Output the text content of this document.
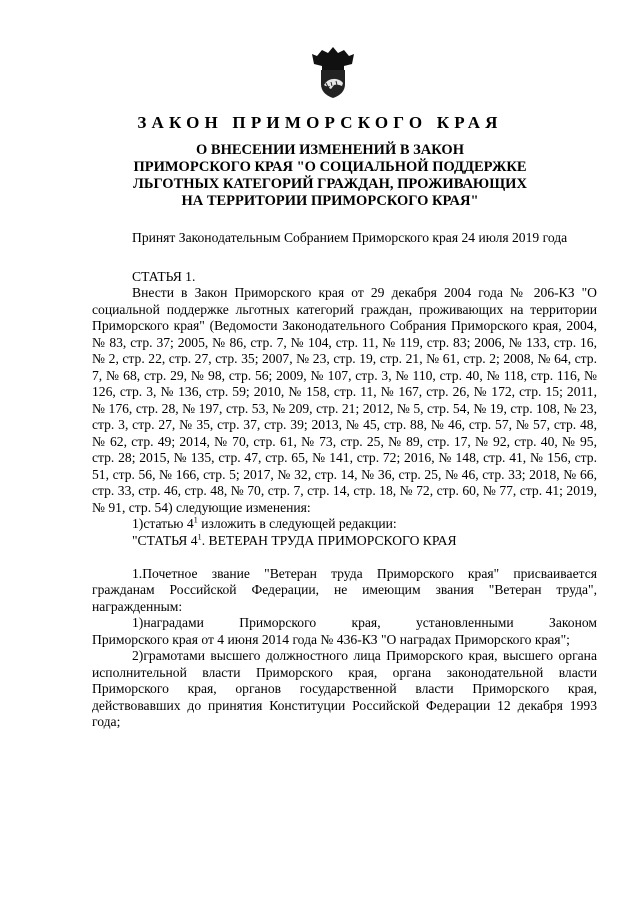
ЗАКОН ПРИМОРСКОГО КРАЯ
О ВНЕСЕНИИ ИЗМЕНЕНИЙ В ЗАКОН
ПРИМОРСКОГО КРАЯ "О СОЦИАЛЬНОЙ ПОДДЕРЖКЕ
ЛЬГОТНЫХ КАТЕГОРИЙ ГРАЖДАН, ПРОЖИВАЮЩИХ
НА ТЕРРИТОРИИ ПРИМОРСКОГО КРАЯ"

Принят Законодательным Собранием Приморского края 24 июля 2019 года

СТАТЬЯ 1.

Внести в Закон Приморского края от 29 декабря 2004 года № 206-КЗ "О социальной поддержке льготных категорий граждан, проживающих на территории Приморского края" (Ведомости Законодательного Собрания Приморского края, 2004, № 83, стр. 37; 2005, № 86, стр. 7, № 104, стр. 11, № 119, стр. 83; 2006, № 133, стр. 16, № 2, стр. 22, стр. 27, стр. 35; 2007, № 23, стр. 19, стр. 21, № 61, стр. 2; 2008, № 64, стр. 7, № 68, стр. 29, № 98, стр. 56; 2009, № 107, стр. 3, № 110, стр. 40, № 118, стр. 116, № 126, стр. 3, № 136, стр. 59; 2010, № 158, стр. 11, № 167, стр. 26, № 172, стр. 15; 2011, № 176, стр. 28, № 197, стр. 53, № 209, стр. 21; 2012, № 5, стр. 54, № 19, стр. 108, № 23, стр. 3, стр. 27, № 35, стр. 37, стр. 39; 2013, № 45, стр. 88, № 46, стр. 57, № 57, стр. 48, № 62, стр. 49; 2014, № 70, стр. 61, № 73, стр. 25, № 89, стр. 17, № 92, стр. 40, № 95, стр. 28; 2015, № 135, стр. 47, стр. 65, № 141, стр. 72; 2016, № 148, стр. 41, № 156, стр. 51, стр. 56, № 166, стр. 5; 2017, № 32, стр. 14, № 36, стр. 25, № 46, стр. 33; 2018, № 66, стр. 33, стр. 46, стр. 48, № 70, стр. 7, стр. 14, стр. 18, № 72, стр. 60, № 77, стр. 41; 2019, № 91, стр. 54) следующие изменения:

1)статью $4^1$ изложить в следующей редакции:

"СТАТЬЯ $4^1$. ВЕТЕРАН ТРУДА ПРИМОРСКОГО КРАЯ

1.Почетное звание "Ветеран труда Приморского края" присваивается гражданам Российской Федерации, не имеющим звания "Ветеран труда", награжденным:

1)наградами Приморского края, установленными Законом

Приморского края от 4 июня 2014 года № 436-КЗ "О наградах Приморского края";

2)грамотами высшего должностного лица Приморского края, высшего органа исполнительной власти Приморского края, органа законодательной власти Приморского края, органов государственной власти Приморского края, действовавших до принятия Конституции Российской Федерации 12 декабря 1993 года;
